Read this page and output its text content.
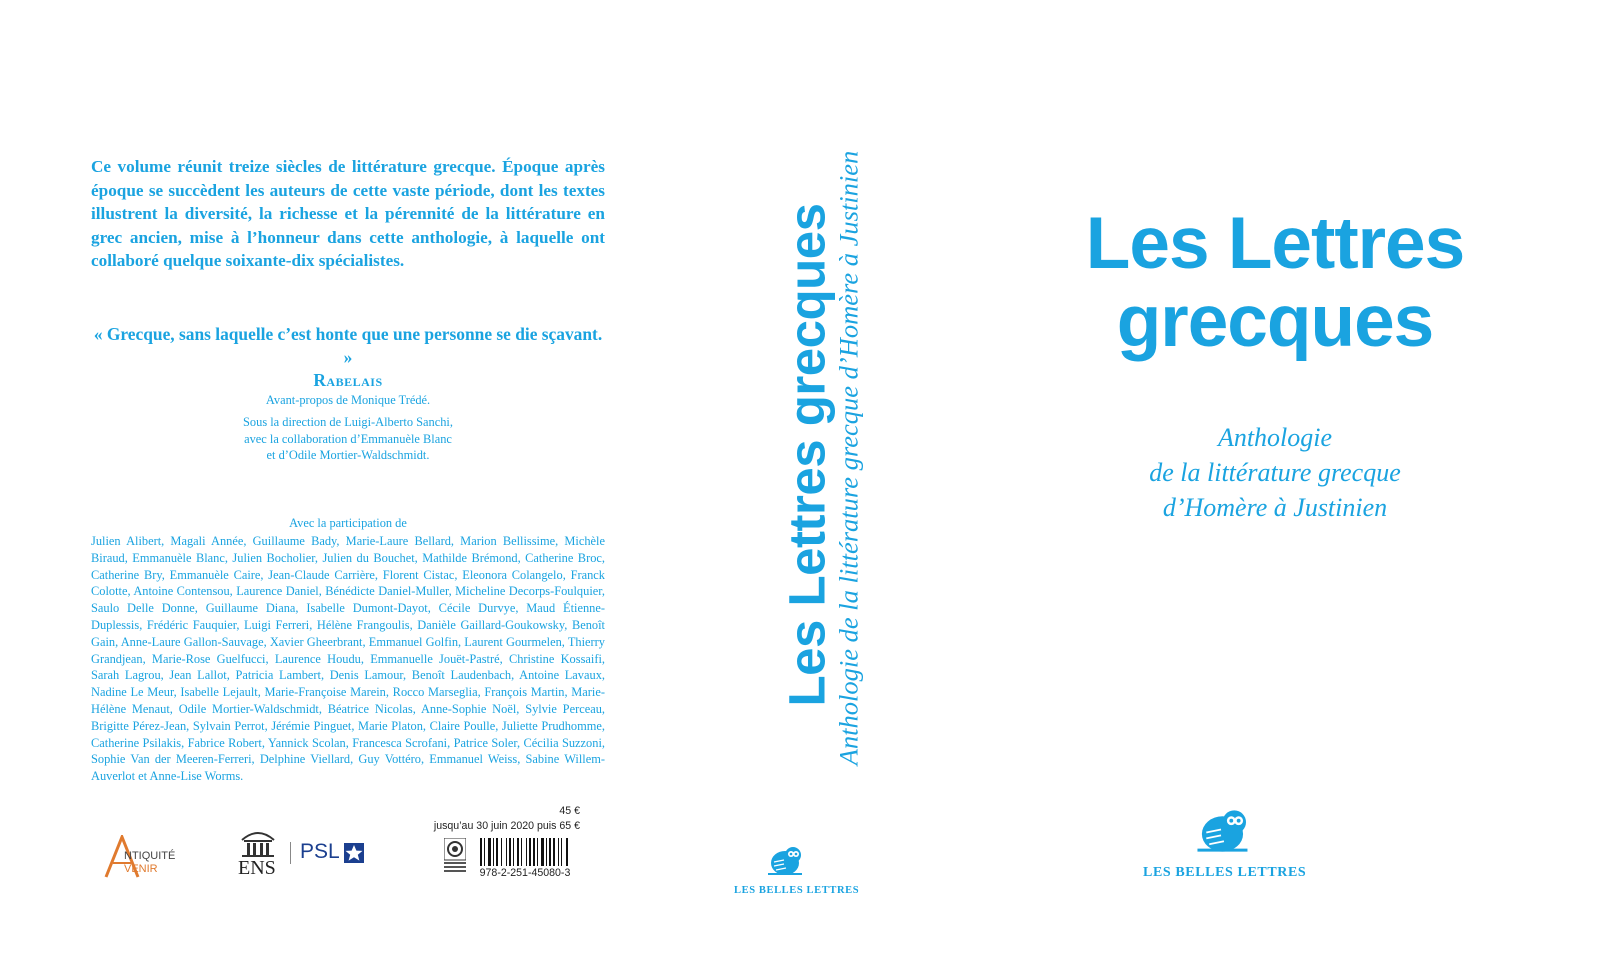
Ce volume réunit treize siècles de littérature grecque. Époque après époque se succèdent les auteurs de cette vaste période, dont les textes illustrent la diversité, la richesse et la pérennité de la littérature en grec ancien, mise à l’honneur dans cette anthologie, à laquelle ont collaboré quelque soixante-dix spécialistes.

« Grecque, sans laquelle c’est honte que une personne se die sçavant. »
Rabelais
Avant-propos de Monique Trédé.
Sous la direction de Luigi-Alberto Sanchi,
avec la collaboration d’Emmanuèle Blanc
et d’Odile Mortier-Waldschmidt.
Avec la participation de

Julien Alibert, Magali Année, Guillaume Bady, Marie-Laure Bellard, Marion Bellissime, Michèle Biraud, Emmanuèle Blanc, Julien Bocholier, Julien du Bouchet, Mathilde Brémond, Catherine Broc, Catherine Bry, Emmanuèle Caire, Jean-Claude Carrière, Florent Cistac, Eleonora Colangelo, Franck Colotte, Antoine Contensou, Laurence Daniel, Bénédicte Daniel-Muller, Micheline Decorps-Foulquier, Saulo Delle Donne, Guillaume Diana, Isabelle Dumont-Dayot, Cécile Durvye, Maud Étienne-Duplessis, Frédéric Fauquier, Luigi Ferreri, Hélène Frangoulis, Danièle Gaillard-Goukowsky, Benoît Gain, Anne-Laure Gallon-Sauvage, Xavier Gheerbrant, Emmanuel Golfin, Laurent Gourmelen, Thierry Grandjean, Marie-Rose Guelfucci, Laurence Houdu, Emmanuelle Jouët-Pastré, Christine Kossaifi, Sarah Lagrou, Jean Lallot, Patricia Lambert, Denis Lamour, Benoît Laudenbach, Antoine Lavaux, Nadine Le Meur, Isabelle Lejault, Marie-Françoise Marein, Rocco Marseglia, François Martin, Marie-Hélène Menaut, Odile Mortier-Waldschmidt, Béatrice Nicolas, Anne-Sophie Noël, Sylvie Perceau, Brigitte Pérez-Jean, Sylvain Perrot, Jérémie Pinguet, Marie Platon, Claire Poulle, Juliette Prudhomme, Catherine Psilakis, Fabrice Robert, Yannick Scolan, Francesca Scrofani, Patrice Soler, Cécilia Suzzoni, Sophie Van der Meeren-Ferreri, Delphine Viellard, Guy Vottéro, Emmanuel Weiss, Sabine Willem-Auverlot et Anne-Lise Worms.

NTIQUITÉ
VENIR	ENS
PSL
45 €
jusqu’au 30 juin 2020 puis 65 €
978-2-251-45080-3
Les Lettres grecques
Anthologie de la littérature grecque d’Homère à Justinien
LES BELLES LETTRES
Les Lettres
grecques
Anthologie
de la littérature grecque
d’Homère à Justinien
LES BELLES LETTRES
